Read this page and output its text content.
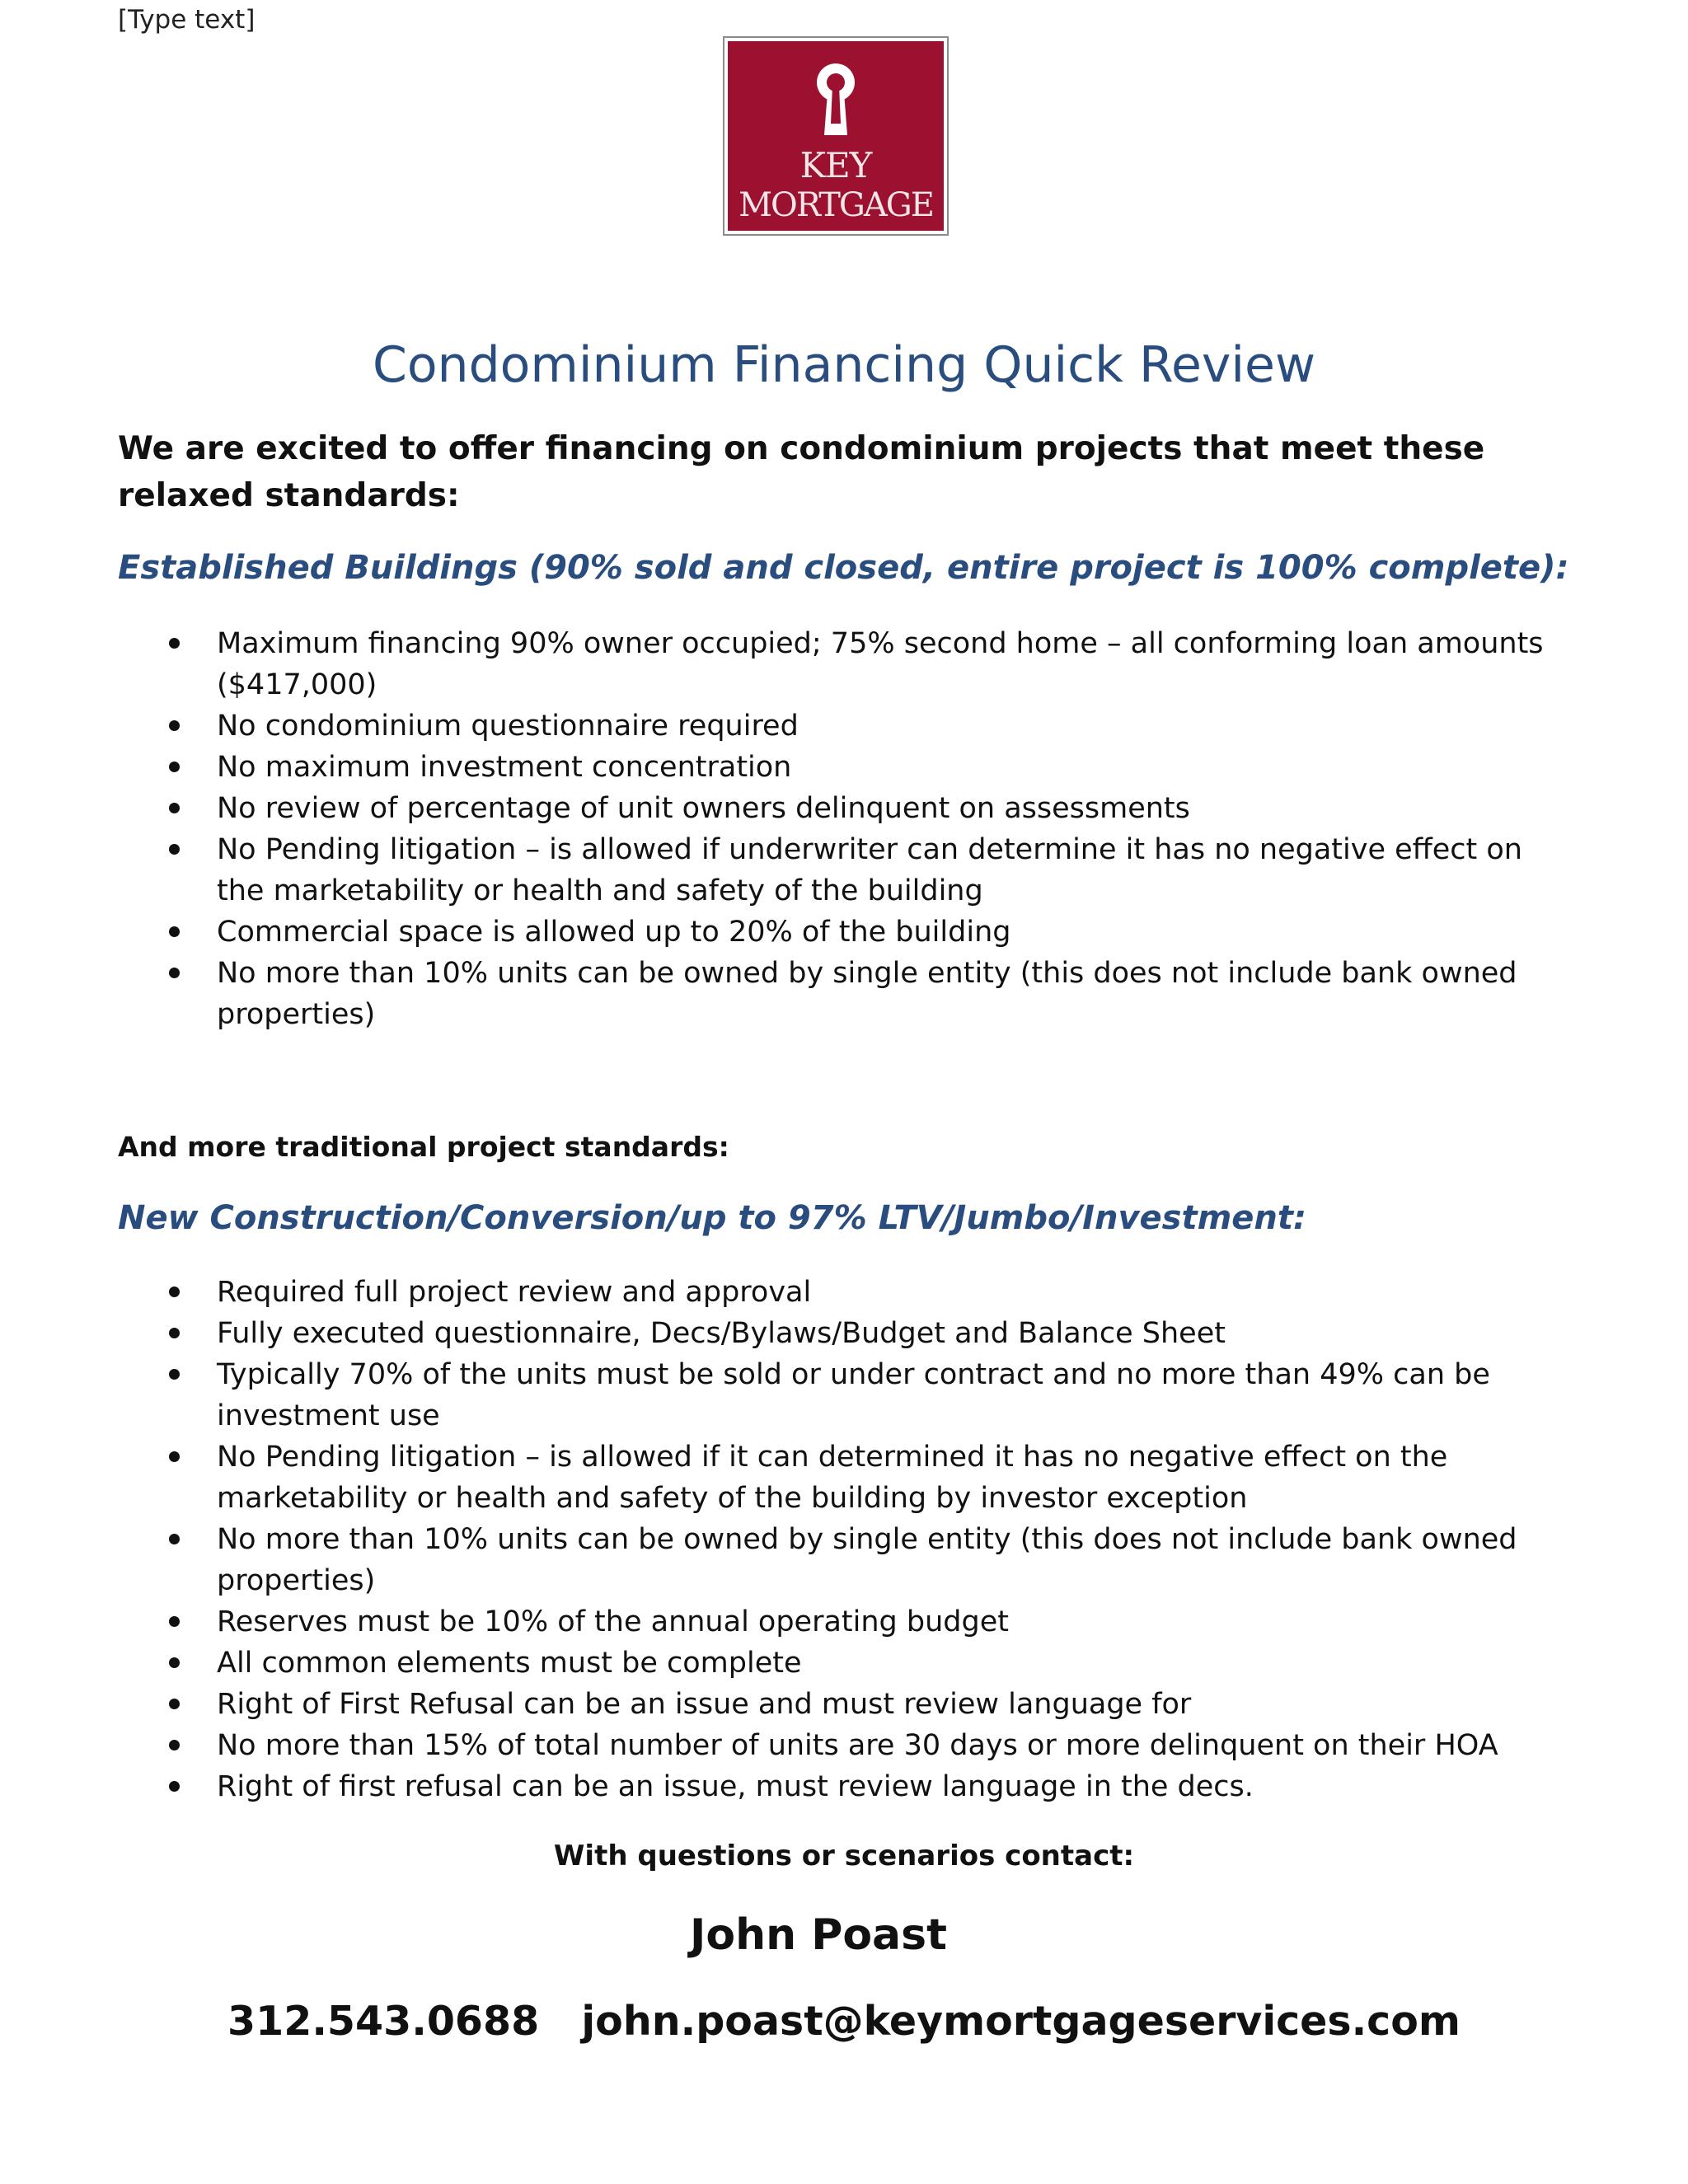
[Type text]
KEY
MORTGAGE
Condominium Financing Quick Review
We are excited to offer financing on condominium projects that meet these relaxed standards:
Established Buildings (90% sold and closed, entire project is 100% complete):
Maximum financing 90% owner occupied; 75% second home – all conforming loan amounts ($417,000)
No condominium questionnaire required
No maximum investment concentration
No review of percentage of unit owners delinquent on assessments
No Pending litigation – is allowed if underwriter can determine it has no negative effect on the marketability or health and safety of the building
Commercial space is allowed up to 20% of the building
No more than 10% units can be owned by single entity (this does not include bank owned properties)
And more traditional project standards:
New Construction/Conversion/up to 97% LTV/Jumbo/Investment:
Required full project review and approval
Fully executed questionnaire, Decs/Bylaws/Budget and Balance Sheet
Typically 70% of the units must be sold or under contract and no more than 49% can be investment use
No Pending litigation – is allowed if it can determined it has no negative effect on the marketability or health and safety of the building by investor exception
No more than 10% units can be owned by single entity (this does not include bank owned properties)
Reserves must be 10% of the annual operating budget
All common elements must be complete
Right of First Refusal can be an issue and must review language for
No more than 15% of total number of units are 30 days or more delinquent on their HOA
Right of first refusal can be an issue, must review language in the decs.
With questions or scenarios contact:
John Poast
312.543.0688 john.poast@keymortgageservices.com
